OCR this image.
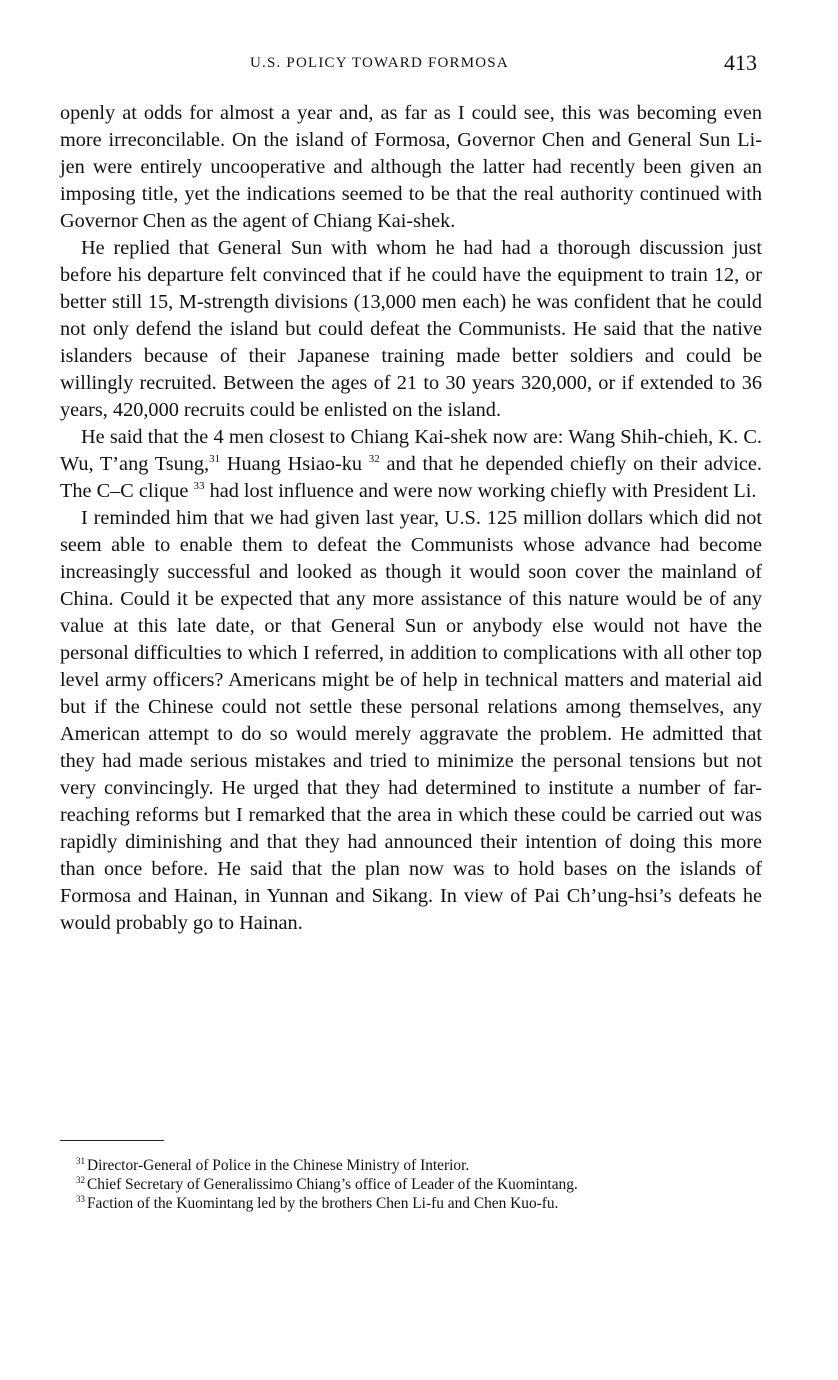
U.S. POLICY TOWARD FORMOSA	413

openly at odds for almost a year and, as far as I could see, this was becoming even more irreconcilable. On the island of Formosa, Governor Chen and General Sun Li-jen were entirely uncooperative and although the latter had recently been given an imposing title, yet the indications seemed to be that the real authority continued with Governor Chen as the agent of Chiang Kai-shek.

He replied that General Sun with whom he had had a thorough discussion just before his departure felt convinced that if he could have the equipment to train 12, or better still 15, M-strength divisions (13,000 men each) he was confident that he could not only defend the island but could defeat the Communists. He said that the native islanders because of their Japanese training made better soldiers and could be willingly recruited. Between the ages of 21 to 30 years 320,000, or if extended to 36 years, 420,000 recruits could be enlisted on the island.

He said that the 4 men closest to Chiang Kai-shek now are: Wang Shih-chieh, K. C. Wu, T’ang Tsung,$^{31}$ Huang Hsiao-ku $^{32}$ and that he depended chiefly on their advice. The C–C clique $^{33}$ had lost influence and were now working chiefly with President Li.

I reminded him that we had given last year, U.S. 125 million dollars which did not seem able to enable them to defeat the Communists whose advance had become increasingly successful and looked as though it would soon cover the mainland of China. Could it be expected that any more assistance of this nature would be of any value at this late date, or that General Sun or anybody else would not have the personal difficulties to which I referred, in addition to complications with all other top level army officers? Americans might be of help in technical matters and material aid but if the Chinese could not settle these personal relations among themselves, any American attempt to do so would merely aggravate the problem. He admitted that they had made serious mistakes and tried to minimize the personal tensions but not very convincingly. He urged that they had determined to institute a number of far-reaching reforms but I remarked that the area in which these could be carried out was rapidly diminishing and that they had announced their intention of doing this more than once before. He said that the plan now was to hold bases on the islands of Formosa and Hainan, in Yunnan and Sikang. In view of Pai Ch’ung-hsi’s defeats he would probably go to Hainan.

$^{31}$ Director-General of Police in the Chinese Ministry of Interior.

$^{32}$ Chief Secretary of Generalissimo Chiang’s office of Leader of the Kuomintang.

$^{33}$ Faction of the Kuomintang led by the brothers Chen Li-fu and Chen Kuo-fu.
